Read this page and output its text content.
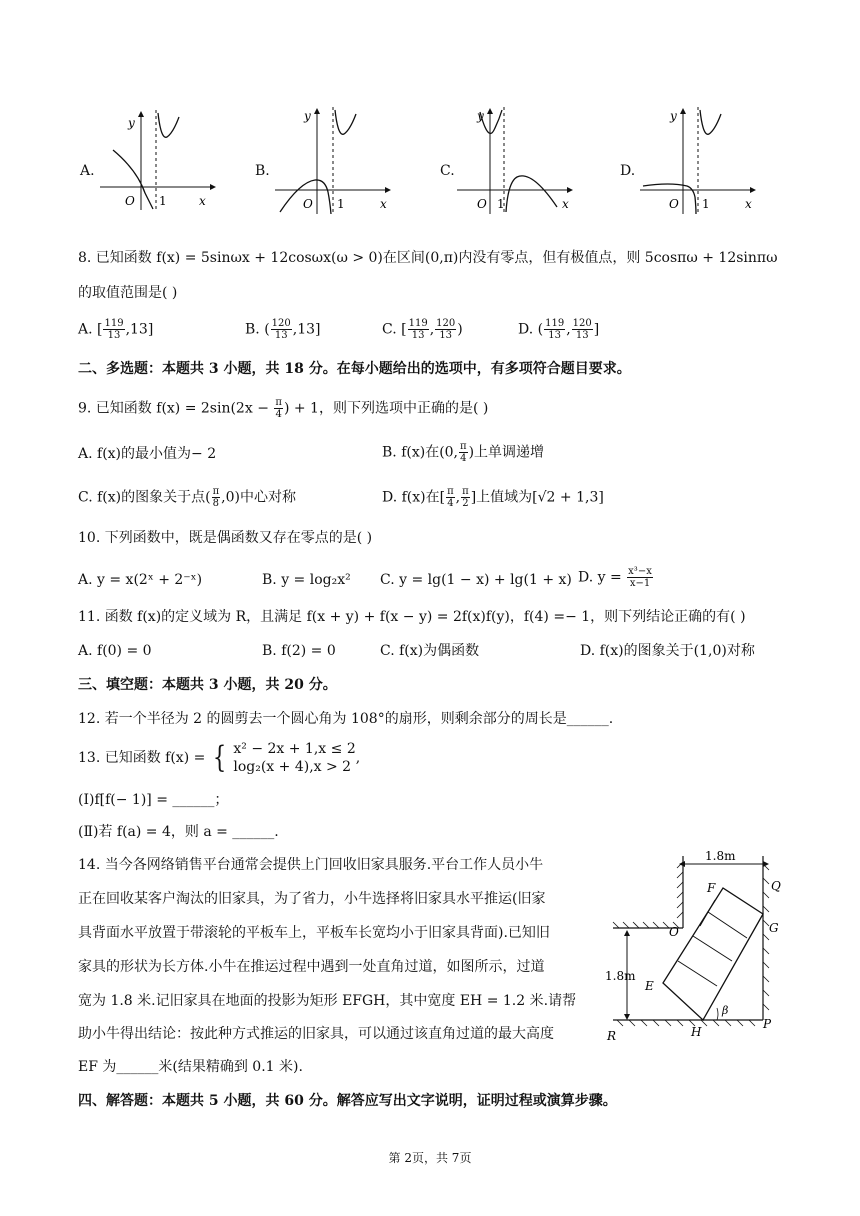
A.
y
x
O 1
B.
y
x
O 1
C.
y
x
O 1
D.
y
x
O 1
8. 已知函数 f(x) = 5sinωx + 12cosωx(ω > 0)在区间(0,π)内没有零点，但有极值点，则 5cosπω + 12sinπω
的取值范围是( )
A. [ $\frac{119}{13} ,13$]	B. ( $\frac{120}{13} ,13$]	C. [ $\frac{119}{13}$ , $\frac{120}{13}$ )	D. ( $\frac{119}{13}$ , $\frac{120}{13}$ ]
二、多选题：本题共 3 小题，共 18 分。在每小题给出的选项中，有多项符合题目要求。
9. 已知函数 $f(x) = 2\sin(2x - \frac{\pi}{4}$ ) + 1，则下列选项中正确的是( )
A. f(x)的最小值为− 2	B. f(x)在(0, $\frac{\pi}{4}$ )上单调递增
C. f(x)的图象关于点( $\frac{\pi}{8} ,0$)中心对称	D. f(x)在[ $\frac{\pi}{4}$ , $\frac{\pi}{2}$ ]上值域为[√2 + 1,3]
10. 下列函数中，既是偶函数又存在零点的是( )
A. y = x(2ˣ + 2⁻ˣ)	B. y = log₂x² C. y = lg(1 − x) + lg(1 + x) D. $y = \frac{\text{x³−x}}{x-1}$
11. 函数 f(x)的定义域为 R，且满足 f(x + y) + f(x − y) = 2f(x)f(y)，f(4) =− 1，则下列结论正确的有( )
A. f(0) = 0	B. f(2) = 0	C. f(x)为偶函数	D. f(x)的图象关于(1,0)对称
三、填空题：本题共 3 小题，共 20 分。
12. 若一个半径为 2 的圆剪去一个圆心角为 108°的扇形，则剩余部分的周长是______.
13. 已知函数 f(x) = { x² − 2x + 1,x ≤ 2
log₂(x + 4),x > 2
,
(Ⅰ)f[f(− 1)] = ______；
(Ⅱ)若 f(a) = 4，则 a = ______.
14. 当今各网络销售平台通常会提供上门回收旧家具服务.平台工作人员小牛
正在回收某客户淘汰的旧家具，为了省力，小牛选择将旧家具水平推运(旧家
具背面水平放置于带滚轮的平板车上，平板车长宽均小于旧家具背面).已知旧
家具的形状为长方体.小牛在推运过程中遇到一处直角过道，如图所示，过道
宽为 1.8 米.记旧家具在地面的投影为矩形 EFGH，其中宽度 EH = 1.2 米.请帮
助小牛得出结论：按此种方式推运的旧家具，可以通过该直角过道的最大高度
EF 为______米(结果精确到 0.1 米).
1.8m
1.8m
F	Q
O	G
E
β
R	H
P
四、解答题：本题共 5 小题，共 60 分。解答应写出文字说明，证明过程或演算步骤。
第 2页，共 7页
